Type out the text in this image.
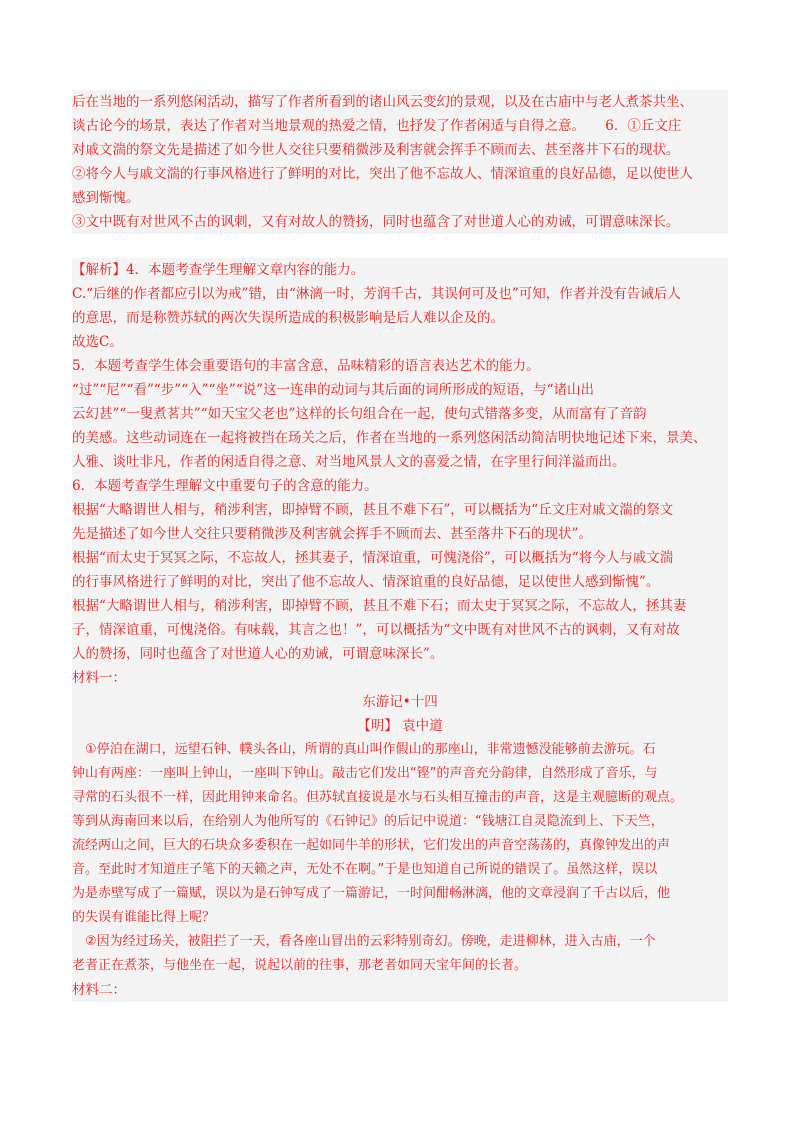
后在当地的一系列悠闲活动，描写了作者所看到的诸山风云变幻的景观，以及在古庙中与老人煮茶共坐、
谈古论今的场景，表达了作者对当地景观的热爱之情，也抒发了作者闲适与自得之意。　　6．①丘文庄
对戚文湍的祭文先是描述了如今世人交往只要稍微涉及利害就会挥手不顾而去、甚至落井下石的现状。
②将今人与戚文湍的行事风格进行了鲜明的对比，突出了他不忘故人、情深谊重的良好品德，足以使世人
感到惭愧。
③文中既有对世风不古的讽刺，又有对故人的赞扬，同时也蕴含了对世道人心的劝诫，可谓意味深长。
【解析】4．本题考查学生理解文章内容的能力。
C.“后继的作者都应引以为戒”错，由“淋漓一时，芳润千古，其误何可及也”可知，作者并没有告诫后人
的意思，而是称赞苏轼的两次失误所造成的积极影响是后人难以企及的。
故选C。
5．本题考查学生体会重要语句的丰富含意，品味精彩的语言表达艺术的能力。
“过”“尼”“看”“步”“入”“坐”“说”这一连串的动词与其后面的词所形成的短语，与“诸山出
云幻甚”“一叟煮茗共”“如天宝父老也”这样的长句组合在一起，使句式错落多变，从而富有了音韵
的美感。这些动词连在一起将被挡在玚关之后，作者在当地的一系列悠闲活动简洁明快地记述下来，景美、
人雅、谈吐非凡，作者的闲适自得之意、对当地风景人文的喜爱之情，在字里行间洋溢而出。
6．本题考查学生理解文中重要句子的含意的能力。
根据“大略谓世人相与，稍涉利害，即掉臂不顾，甚且不难下石”，可以概括为“丘文庄对戚文湍的祭文
先是描述了如今世人交往只要稍微涉及利害就会挥手不顾而去、甚至落井下石的现状”。
根据“而太史于冥冥之际，不忘故人，拯其妻子，情深谊重，可愧浇俗”，可以概括为“将今人与戚文湍
的行事风格进行了鲜明的对比，突出了他不忘故人、情深谊重的良好品德，足以使世人感到惭愧”。
根据“大略谓世人相与，稍涉利害，即掉臂不顾，甚且不难下石；而太史于冥冥之际，不忘故人，拯其妻
子，情深谊重，可愧浇俗。有味载，其言之也！”，可以概括为“文中既有对世风不古的讽刺，又有对故
人的赞扬，同时也蕴含了对世道人心的劝诫，可谓意味深长”。
材料一：
东游记•十四
【明】 袁中道
　①停泊在湖口，远望石钟、幞头各山，所谓的真山叫作假山的那座山，非常遗憾没能够前去游玩。石
钟山有两座：一座叫上钟山，一座叫下钟山。敲击它们发出“铿”的声音充分韵律，自然形成了音乐，与
寻常的石头很不一样，因此用钟来命名。但苏轼直接说是水与石头相互撞击的声音，这是主观臆断的观点。
等到从海南回来以后，在给别人为他所写的《石钟记》的后记中说道：“钱塘江自灵隐流到上、下天竺，
流经两山之间，巨大的石块众多委积在一起如同牛羊的形状，它们发出的声音空荡荡的，真像钟发出的声
音。至此时才知道庄子笔下的天籁之声，无处不在啊。”于是也知道自己所说的错误了。虽然这样，误以
为是赤壁写成了一篇赋，误以为是石钟写成了一篇游记，一时间酣畅淋漓，他的文章浸润了千古以后，他
的失误有谁能比得上呢？
　②因为经过玚关，被阻拦了一天，看各座山冒出的云彩特别奇幻。傍晚，走进柳林，进入古庙，一个
老者正在煮茶，与他坐在一起，说起以前的往事，那老者如同天宝年间的长者。
材料二：
